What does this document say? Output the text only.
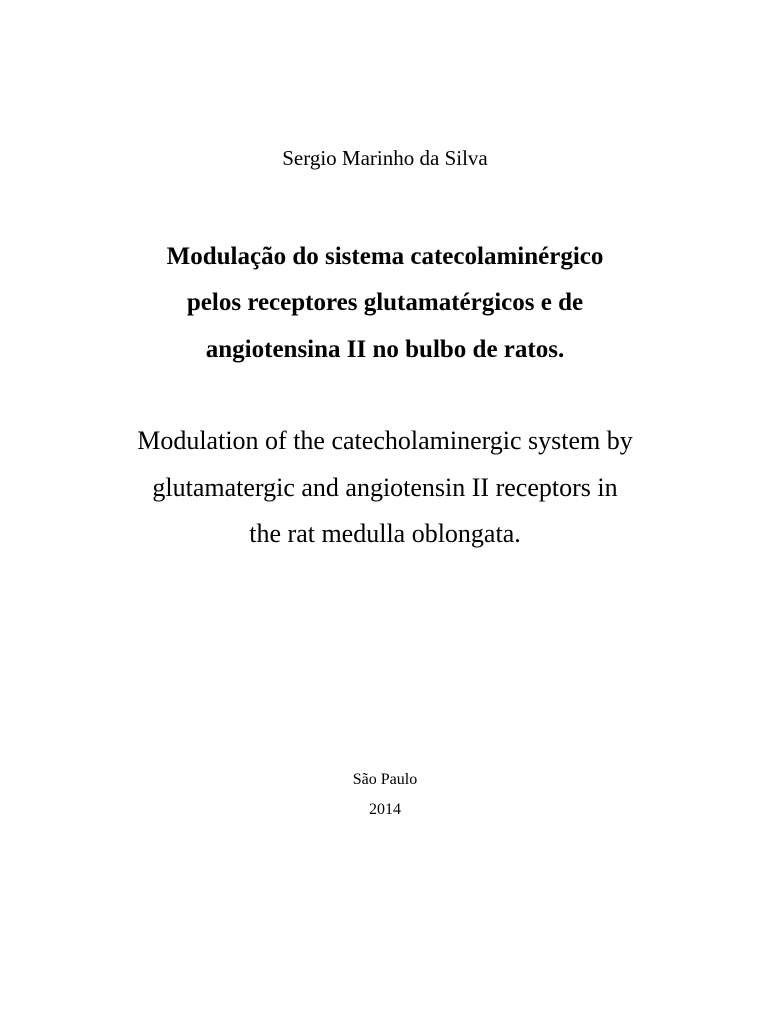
Sergio Marinho da Silva
Modulação do sistema catecolaminérgico
pelos receptores glutamatérgicos e de
angiotensina II no bulbo de ratos.
Modulation of the catecholaminergic system by
glutamatergic and angiotensin II receptors in
the rat medulla oblongata.
São Paulo
2014
